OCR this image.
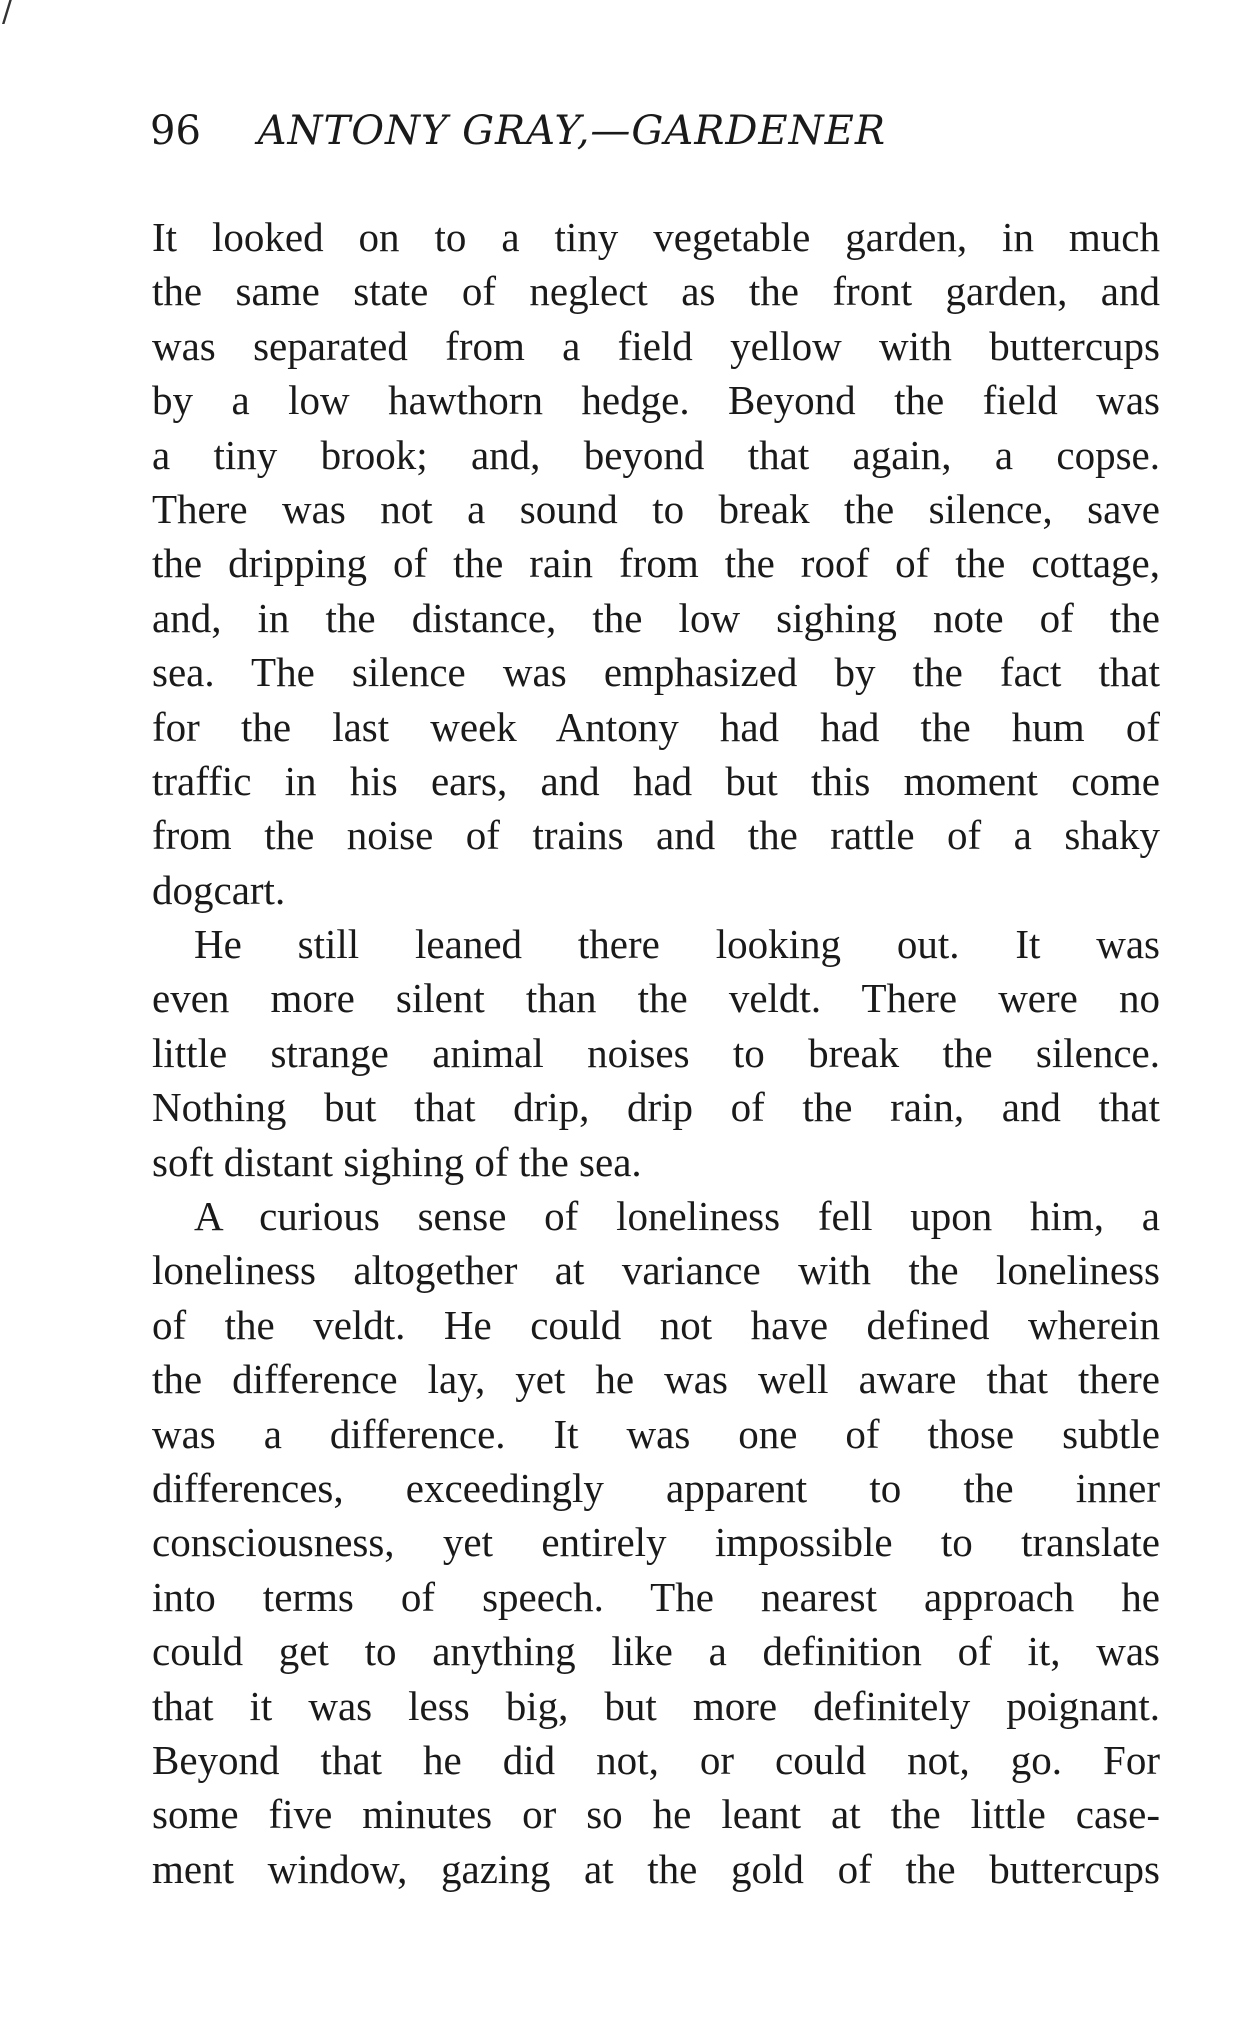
/
96 ANTONY GRAY,—GARDENER
It looked on to a tiny vegetable garden, in much
the same state of neglect as the front garden, and
was separated from a field yellow with buttercups
by a low hawthorn hedge. Beyond the field was
a tiny brook; and, beyond that again, a copse.
There was not a sound to break the silence, save
the dripping of the rain from the roof of the cottage,
and, in the distance, the low sighing note of the
sea. The silence was emphasized by the fact that
for the last week Antony had had the hum of
traffic in his ears, and had but this moment come
from the noise of trains and the rattle of a shaky
dogcart.
He still leaned there looking out. It was
even more silent than the veldt. There were no
little strange animal noises to break the silence.
Nothing but that drip, drip of the rain, and that
soft distant sighing of the sea.
A curious sense of loneliness fell upon him, a
loneliness altogether at variance with the loneliness
of the veldt. He could not have defined wherein
the difference lay, yet he was well aware that there
was a difference. It was one of those subtle
differences, exceedingly apparent to the inner
consciousness, yet entirely impossible to translate
into terms of speech. The nearest approach he
could get to anything like a definition of it, was
that it was less big, but more definitely poignant.
Beyond that he did not, or could not, go. For
some five minutes or so he leant at the little case-
ment window, gazing at the gold of the buttercups
